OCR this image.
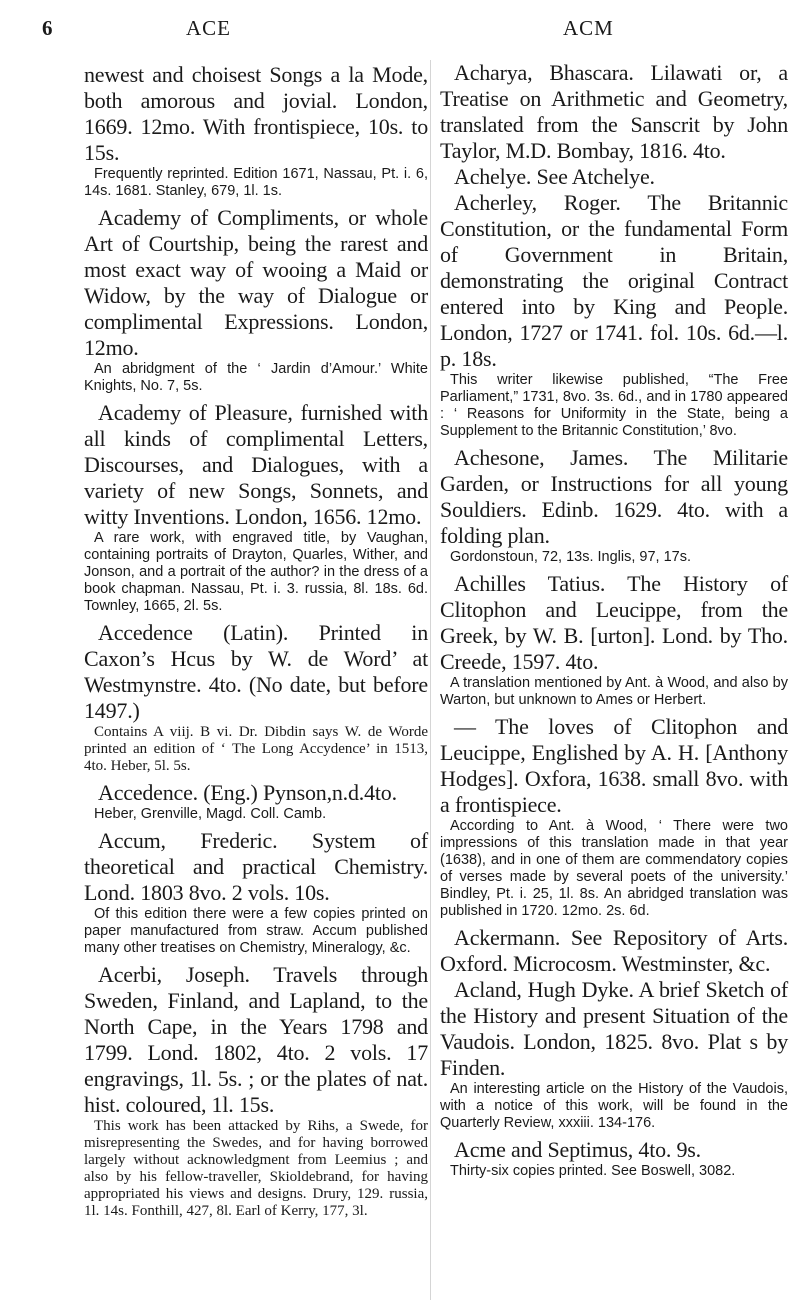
6	ACE	ACM

newest and choisest Songs a la Mode, both amorous and jovial. London, 1669. 12mo. With frontispiece, 10s. to 15s.

Frequently reprinted. Edition 1671, Nassau, Pt. i. 6, 14s. 1681. Stanley, 679, 1l. 1s.

Academy of Compliments, or whole Art of Courtship, being the rarest and most exact way of wooing a Maid or Widow, by the way of Dialogue or complimental Expressions. London, 12mo.

An abridgment of the ‘ Jardin d’Amour.’ White Knights, No. 7, 5s.

Academy of Pleasure, furnished with all kinds of complimental Letters, Discourses, and Dialogues, with a variety of new Songs, Sonnets, and witty Inventions. London, 1656. 12mo.

A rare work, with engraved title, by Vaughan, containing portraits of Drayton, Quarles, Wither, and Jonson, and a portrait of the author? in the dress of a book chapman. Nassau, Pt. i. 3. russia, 8l. 18s. 6d. Townley, 1665, 2l. 5s.

Accedence (Latin). Printed in Caxon’s Hcus by W. de Word’ at Westmynstre. 4to. (No date, but before 1497.)

Contains A viij. B vi. Dr. Dibdin says W. de Worde printed an edition of ‘ The Long Accydence’ in 1513, 4to. Heber, 5l. 5s.

Accedence. (Eng.) Pynson,n.d.4to.

Heber, Grenville, Magd. Coll. Camb.

Accum, Frederic. System of theoretical and practical Chemistry. Lond. 1803 8vo. 2 vols. 10s.

Of this edition there were a few copies printed on paper manufactured from straw. Accum published many other treatises on Chemistry, Mineralogy, &c.

Acerbi, Joseph. Travels through Sweden, Finland, and Lapland, to the North Cape, in the Years 1798 and 1799. Lond. 1802, 4to. 2 vols. 17 engravings, 1l. 5s. ; or the plates of nat. hist. coloured, 1l. 15s.

This work has been attacked by Rihs, a Swede, for misrepresenting the Swedes, and for having borrowed largely without acknowledgment from Leemius ; and also by his fellow-traveller, Skioldebrand, for having appropriated his views and designs. Drury, 129. russia, 1l. 14s. Fonthill, 427, 8l. Earl of Kerry, 177, 3l.

Acharya, Bhascara. Lilawati or, a Treatise on Arithmetic and Geometry, translated from the Sanscrit by John Taylor, M.D. Bombay, 1816. 4to.

Achelye. See Atchelye.

Acherley, Roger. The Britannic Constitution, or the fundamental Form of Government in Britain, demonstrating the original Contract entered into by King and People. London, 1727 or 1741. fol. 10s. 6d.—l. p. 18s.

This writer likewise published, “The Free Parliament,” 1731, 8vo. 3s. 6d., and in 1780 appeared : ‘ Reasons for Uniformity in the State, being a Supplement to the Britannic Constitution,’ 8vo.

Achesone, James. The Militarie Garden, or Instructions for all young Souldiers. Edinb. 1629. 4to. with a folding plan.

Gordonstoun, 72, 13s. Inglis, 97, 17s.

Achilles Tatius. The History of Clitophon and Leucippe, from the Greek, by W. B. [urton]. Lond. by Tho. Creede, 1597. 4to.

A translation mentioned by Ant. à Wood, and also by Warton, but unknown to Ames or Herbert.

— The loves of Clitophon and Leucippe, Englished by A. H. [Anthony Hodges]. Oxfora, 1638. small 8vo. with a frontispiece.

According to Ant. à Wood, ‘ There were two impressions of this translation made in that year (1638), and in one of them are commendatory copies of verses made by several poets of the university.’ Bindley, Pt. i. 25, 1l. 8s. An abridged translation was published in 1720. 12mo. 2s. 6d.

Ackermann. See Repository of Arts. Oxford. Microcosm. Westminster, &c.

Acland, Hugh Dyke. A brief Sketch of the History and present Situation of the Vaudois. London, 1825. 8vo. Plat s by Finden.

An interesting article on the History of the Vaudois, with a notice of this work, will be found in the Quarterly Review, xxxiii. 134-176.

Acme and Septimus, 4to. 9s.

Thirty-six copies printed. See Boswell, 3082.
